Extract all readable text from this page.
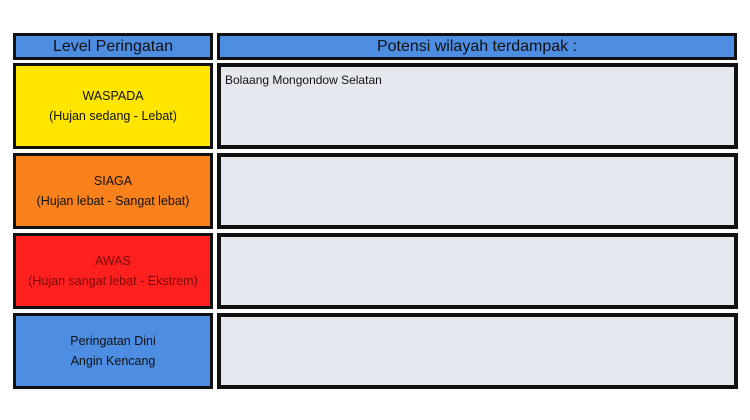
Level Peringatan	Potensi wilayah terdampak :
WASPADA
(Hujan sedang - Lebat)
Bolaang Mongondow Selatan
SIAGA
(Hujan lebat - Sangat lebat)
AWAS
(Hujan sangat lebat - Ekstrem)
Peringatan Dini
Angin Kencang
